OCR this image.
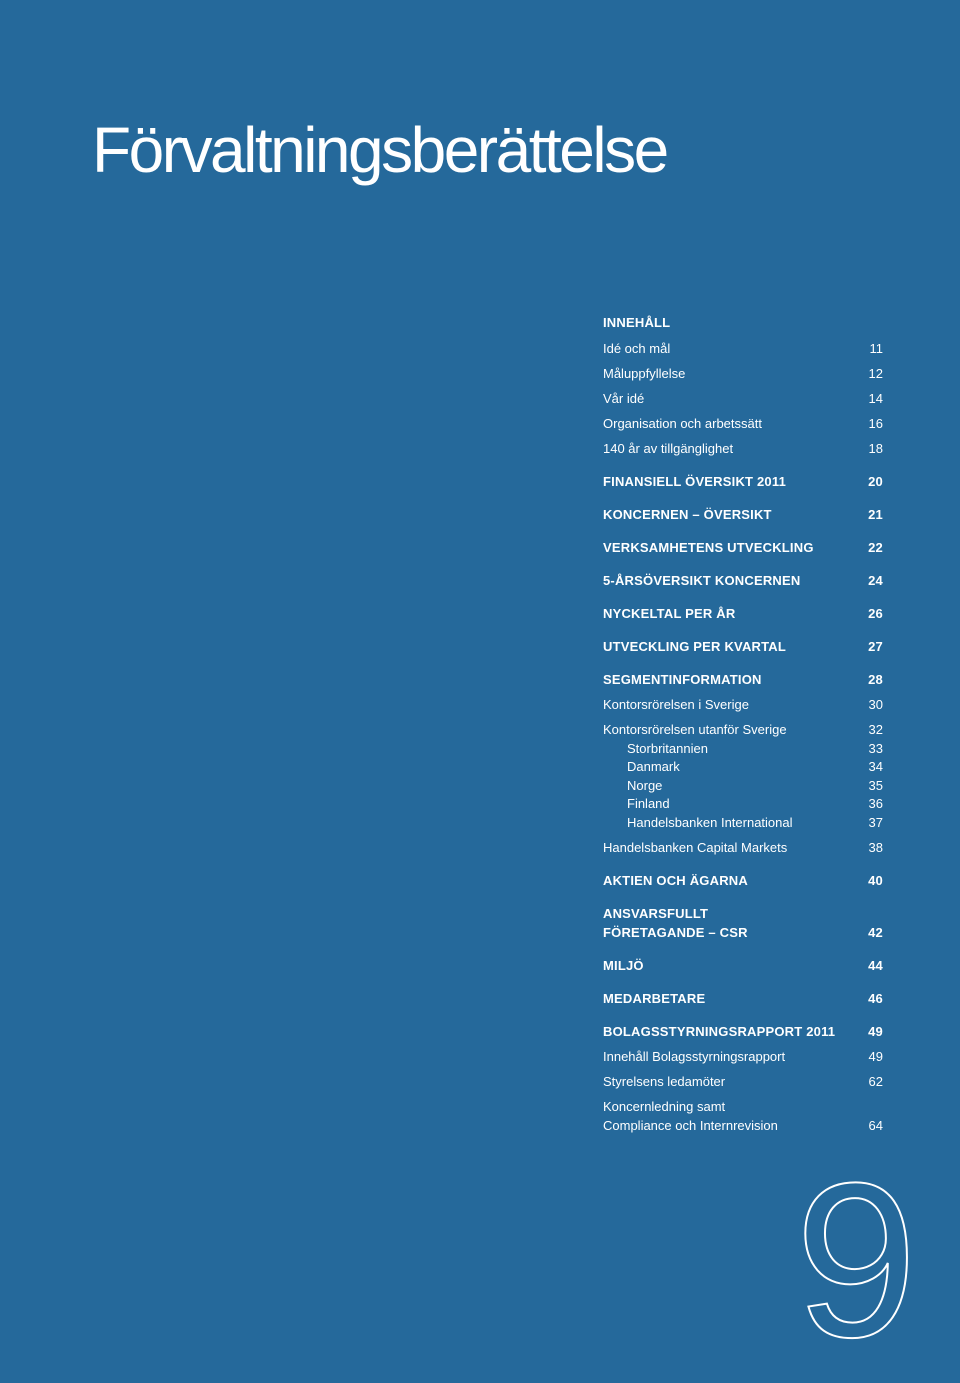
Förvaltningsberättelse
INNEHÅLL
Idé och mål	11
Måluppfyllelse	12
Vår idé	14
Organisation och arbetssätt	16
140 år av tillgänglighet	18
FINANSIELL ÖVERSIKT 2011	20
KONCERNEN – ÖVERSIKT	21
VERKSAMHETENS UTVECKLING	22
5-ÅRSÖVERSIKT KONCERNEN	24
NYCKELTAL PER ÅR	26
UTVECKLING PER KVARTAL	27
SEGMENTINFORMATION	28
Kontorsrörelsen i Sverige	30
Kontorsrörelsen utanför Sverige	32
Storbritannien	33
Danmark	34
Norge	35
Finland	36
Handelsbanken International	37
Handelsbanken Capital Markets	38
AKTIEN OCH ÄGARNA	40
ANSVARSFULLT
FÖRETAGANDE – CSR	42
MILJÖ	44
MEDARBETARE	46
BOLAGSSTYRNINGSRAPPORT 2011	49
Innehåll Bolagsstyrningsrapport	49
Styrelsens ledamöter	62
Koncernledning samt
Compliance och Internrevision	64
9
